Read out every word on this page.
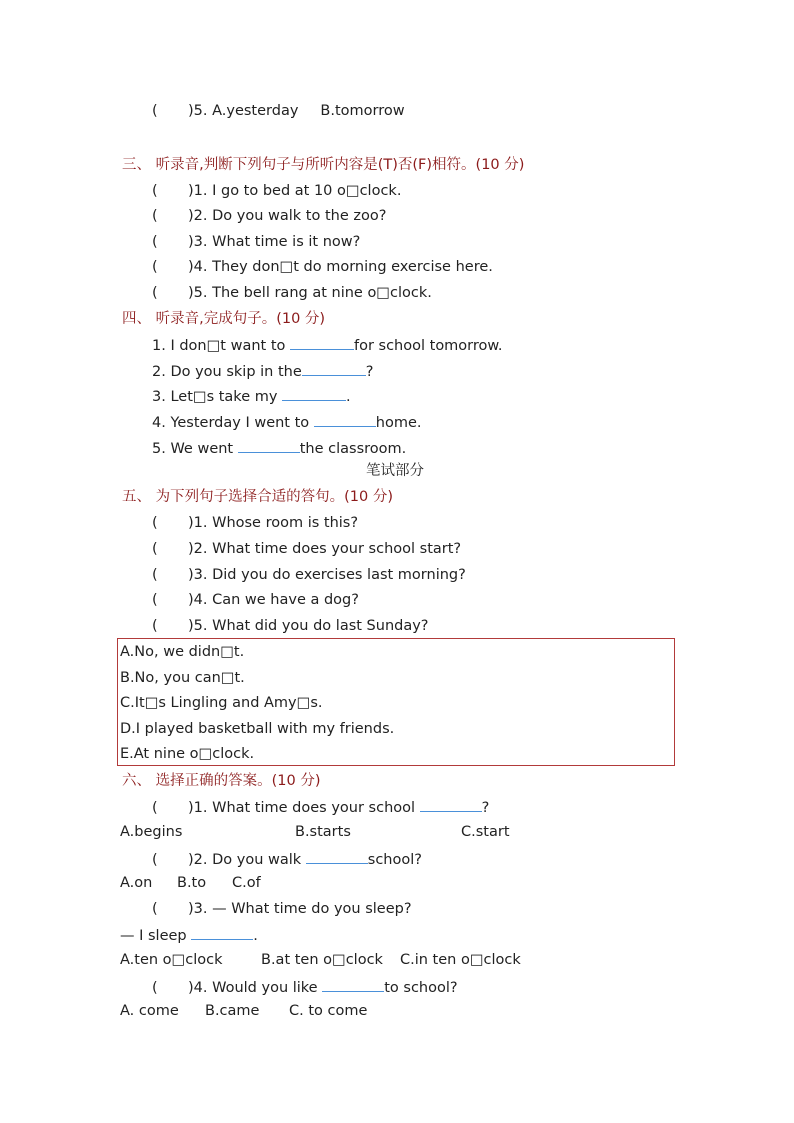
( )5. A.yesterday B.tomorrow
三、 听录音,判断下列句子与所听内容是(T)否(F)相符。(10 分)
( )1. I go to bed at 10 o□clock.
( )2. Do you walk to the zoo?
( )3. What time is it now?
( )4. They don□t do morning exercise here.
( )5. The bell rang at nine o□clock.
四、 听录音,完成句子。(10 分)
1. I don□t want to	for school tomorrow.
2. Do you skip in the	?
3. Let□s take my	.
4. Yesterday I went to	home.
5. We went	the classroom.
笔试部分
五、 为下列句子选择合适的答句。(10 分)
( )1. Whose room is this?
( )2. What time does your school start?
( )3. Did you do exercises last morning?
( )4. Can we have a dog?
( )5. What did you do last Sunday?
A.No, we didn□t.
B.No, you can□t.
C.It□s Lingling and Amy□s.
D.I played basketball with my friends.
E.At nine o□clock.
六、 选择正确的答案。(10 分)
( )1. What time does your school	?
A.begins	B.starts	C.start
( )2. Do you walk	school?
A.on B.to C.of
( )3. — What time do you sleep?
— I sleep	.
A.ten o□clock	B.at ten o□clock C.in ten o□clock
( )4. Would you like	to school?
A. come B.came C. to come
